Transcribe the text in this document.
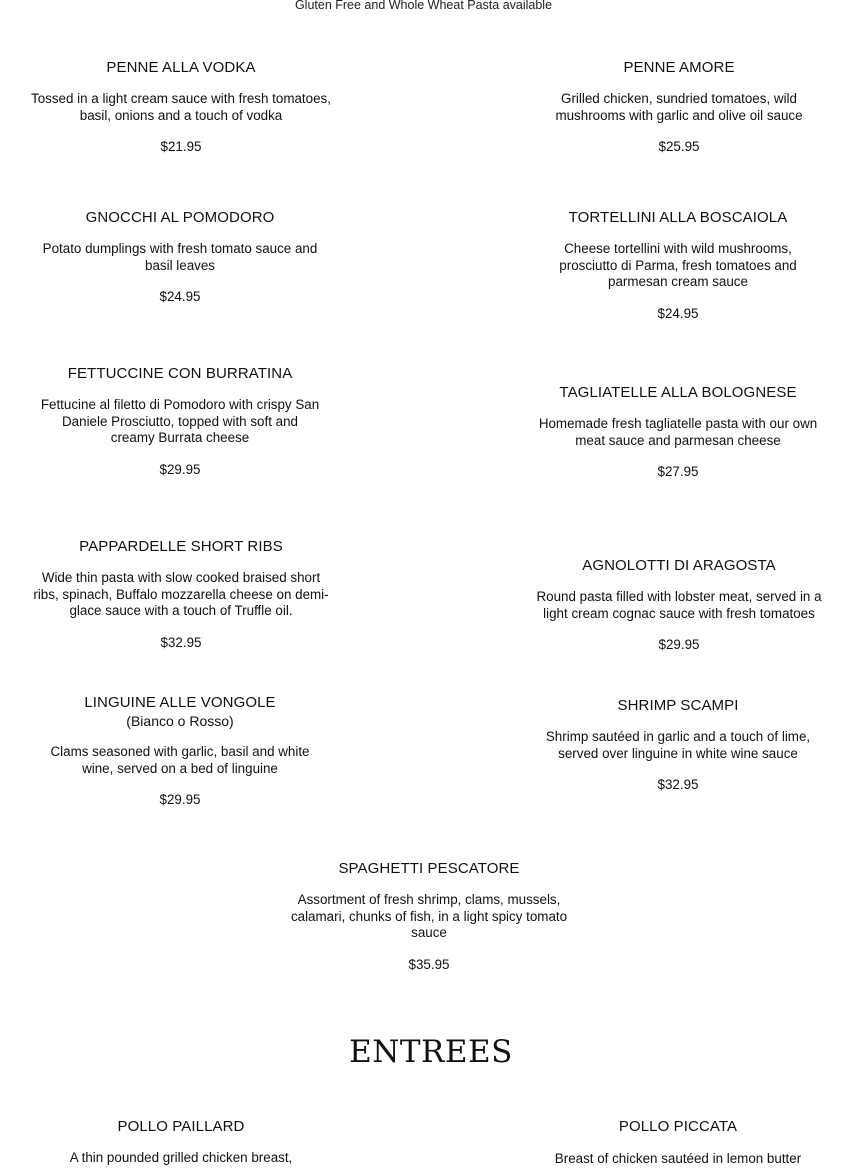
Gluten Free and Whole Wheat Pasta available
PENNE ALLA VODKA
Tossed in a light cream sauce with fresh tomatoes, basil, onions and a touch of vodka
$21.95
PENNE AMORE
Grilled chicken, sundried tomatoes, wild mushrooms with garlic and olive oil sauce
$25.95
GNOCCHI AL POMODORO
Potato dumplings with fresh tomato sauce and basil leaves
$24.95
TORTELLINI ALLA BOSCAIOLA
Cheese tortellini with wild mushrooms, prosciutto di Parma, fresh tomatoes and parmesan cream sauce
$24.95
FETTUCCINE CON BURRATINA
Fettucine al filetto di Pomodoro with crispy San Daniele Prosciutto, topped with soft and creamy Burrata cheese
$29.95
TAGLIATELLE ALLA BOLOGNESE
Homemade fresh tagliatelle pasta with our own meat sauce and parmesan cheese
$27.95
PAPPARDELLE SHORT RIBS
Wide thin pasta with slow cooked braised short ribs, spinach, Buffalo mozzarella cheese on demi-glace sauce with a touch of Truffle oil.
$32.95
AGNOLOTTI DI ARAGOSTA
Round pasta filled with lobster meat, served in a light cream cognac sauce with fresh tomatoes
$29.95
LINGUINE ALLE VONGOLE
(Bianco o Rosso)
Clams seasoned with garlic, basil and white wine, served on a bed of linguine
$29.95
SHRIMP SCAMPI
Shrimp sautéed in garlic and a touch of lime, served over linguine in white wine sauce
$32.95
SPAGHETTI PESCATORE
Assortment of fresh shrimp, clams, mussels, calamari, chunks of fish, in a light spicy tomato sauce
$35.95
ENTREES
POLLO PAILLARD
A thin pounded grilled chicken breast,
POLLO PICCATA
Breast of chicken sautéed in lemon butter
